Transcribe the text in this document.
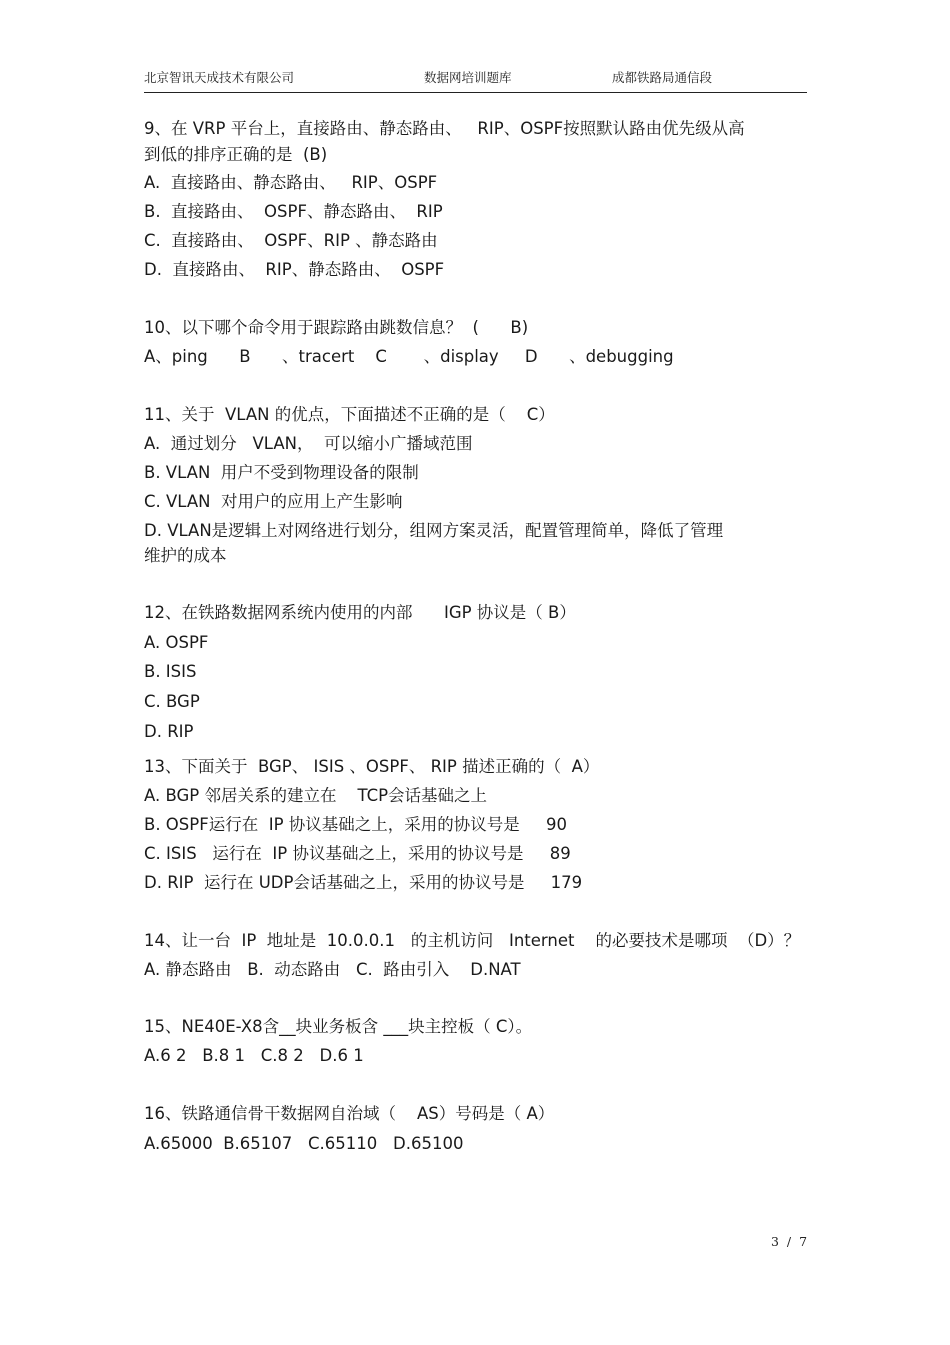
北京智讯天成技术有限公司	数据网培训题库	成都铁路局通信段
9、在 VRP 平台上，直接路由、静态路由、   RIP、OSPF按照默认路由优先级从高
到低的排序正确的是  (B)
A.  直接路由、静态路由、   RIP、OSPF
B.  直接路由、  OSPF、静态路由、  RIP
C.  直接路由、  OSPF、RIP 、静态路由
D.  直接路由、  RIP、静态路由、  OSPF
10、以下哪个命令用于跟踪路由跳数信息？  (      B)
A、ping      B      、tracert    C       、display     D      、debugging
11、关于  VLAN 的优点，下面描述不正确的是（    C）
A.  通过划分   VLAN，  可以缩小广播域范围
B. VLAN  用户不受到物理设备的限制
C. VLAN  对用户的应用上产生影响
D. VLAN是逻辑上对网络进行划分，组网方案灵活，配置管理简单，降低了管理
维护的成本
12、在铁路数据网系统内使用的内部      IGP 协议是（ B）
A. OSPF
B. ISIS
C. BGP
D. RIP
13、下面关于  BGP、 ISIS 、OSPF、 RIP 描述正确的（  A）
A. BGP 邻居关系的建立在    TCP会话基础之上
B. OSPF运行在  IP 协议基础之上，采用的协议号是     90
C. ISIS   运行在  IP 协议基础之上，采用的协议号是     89
D. RIP  运行在 UDP会话基础之上，采用的协议号是     179
14、让一台  IP  地址是  10.0.0.1   的主机访问   Internet    的必要技术是哪项  （D）？
A. 静态路由   B.  动态路由   C.  路由引入    D.NAT
15、NE40E-X8含__块业务板含 ___块主控板（ C）。
A.6 2   B.8 1   C.8 2   D.6 1
16、铁路通信骨干数据网自治域（    AS）号码是（ A）
A.65000  B.65107   C.65110   D.65100
3 / 7
